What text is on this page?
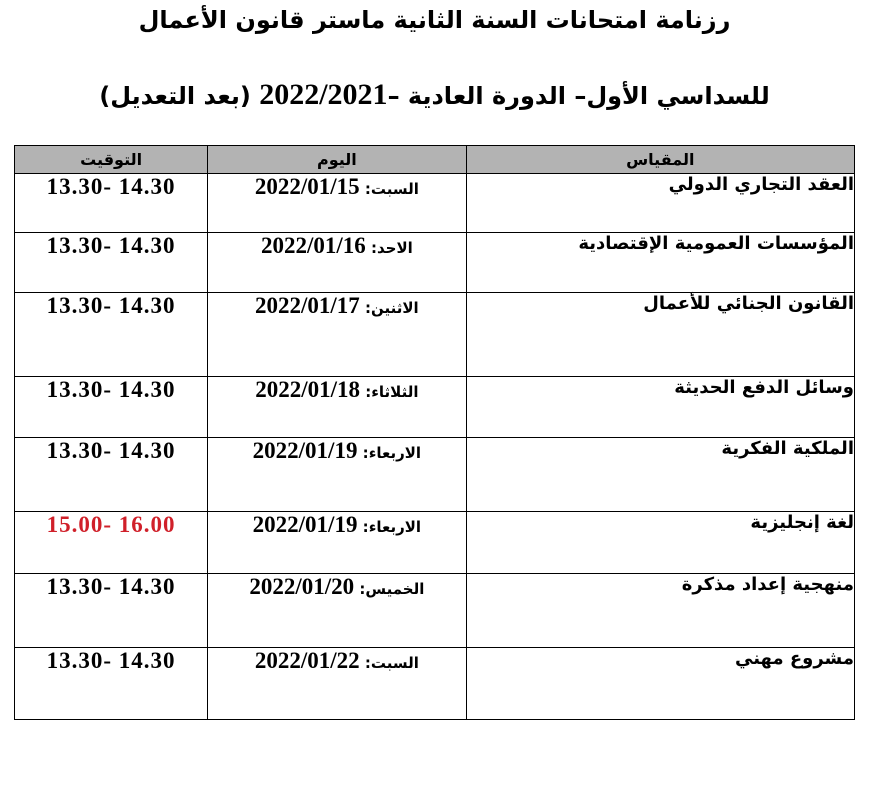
رزنامة امتحانات السنة الثانية ماستر قانون الأعمال
للسداسي الأول– الدورة العادية –2022/2021 (بعد التعديل)
التوقيت	اليوم	المقياس
13.30- 14.30	2022/01/15 :السبت	العقد التجاري الدولي
13.30- 14.30	2022/01/16 :الاحد	المؤسسات العمومية الإقتصادية
13.30- 14.30	2022/01/17 :الاثنين	القانون الجنائي للأعمال
13.30- 14.30	2022/01/18 :الثلاثاء	وسائل الدفع الحديثة
13.30- 14.30	2022/01/19 :الاربعاء	الملكية الفكرية
15.00- 16.00	2022/01/19 :الاربعاء	لغة إنجليزية
13.30- 14.30	2022/01/20 :الخميس	منهجية إعداد مذكرة
13.30- 14.30	2022/01/22 :السبت	مشروع مهني
